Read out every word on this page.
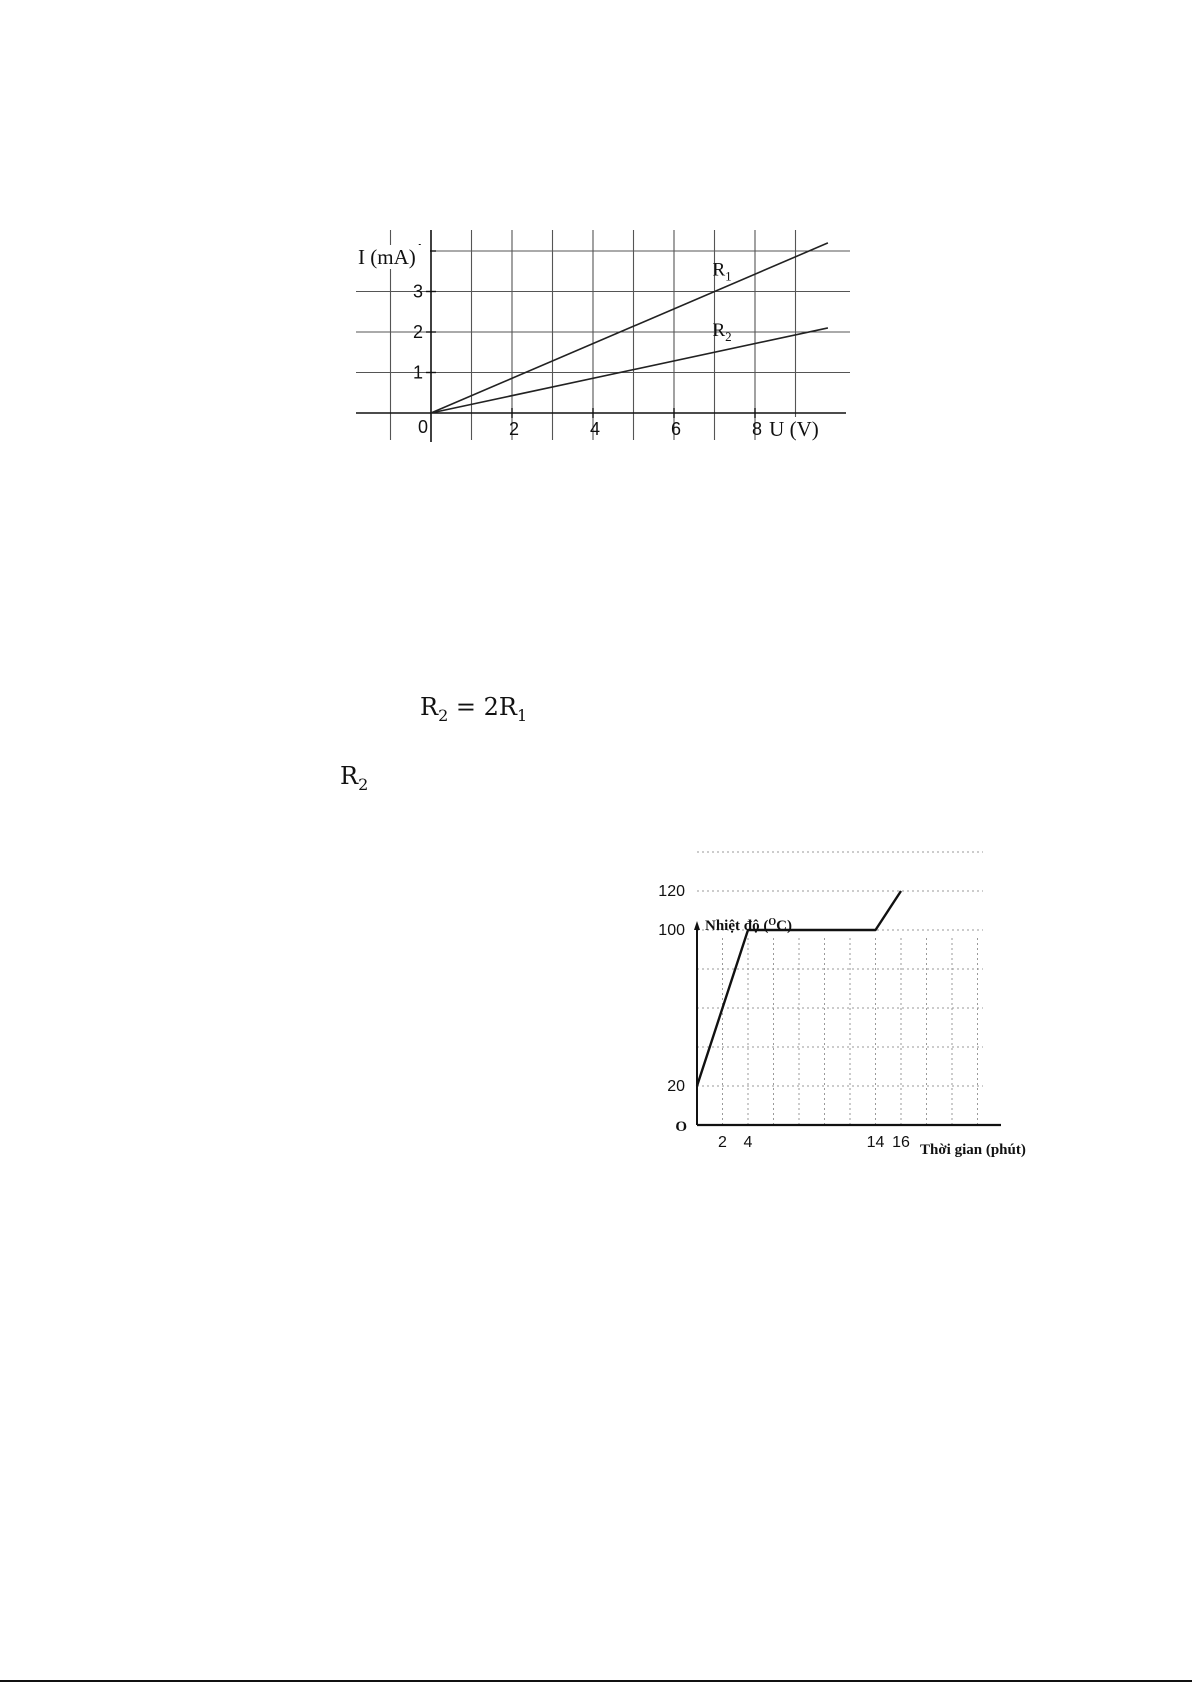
1
2
3
2	4	6	8
0
I (mA)
U (V)
$R_1$
$R_2$
Nhiệt độ ($^O$C)
20
100
120
O
2 4	14 16 Thời gian (phút)
$R_2 = 2R_1$
$R_2$
